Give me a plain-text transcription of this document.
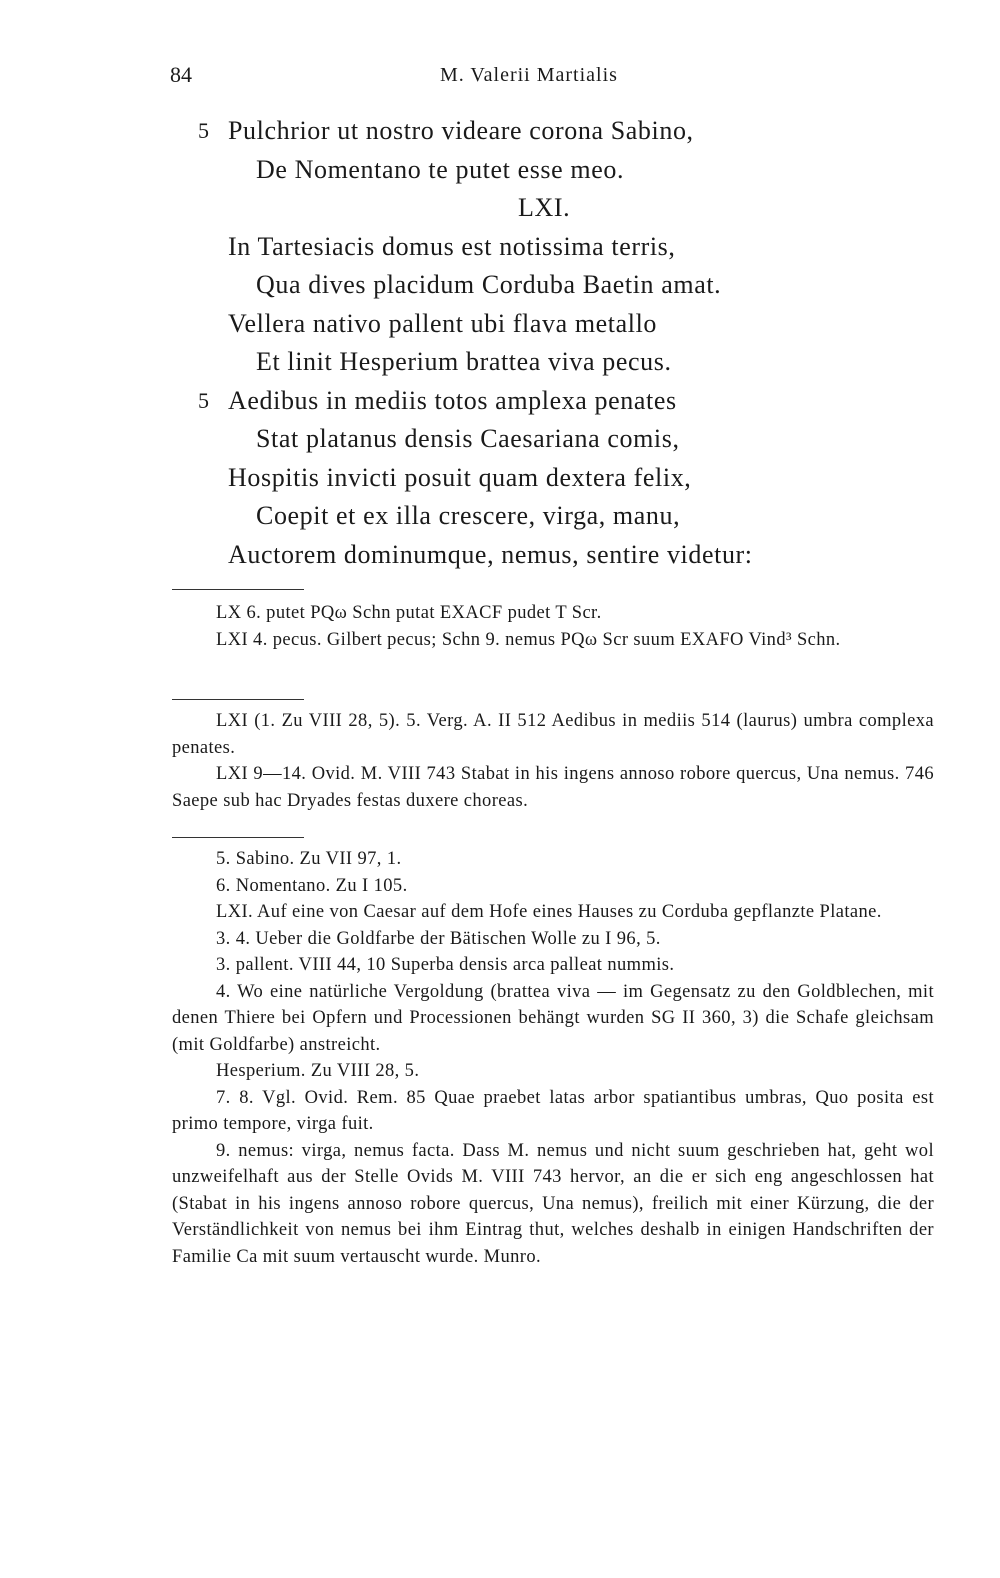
84	M. Valerii Martialis
5 Pulchrior ut nostro videare corona Sabino,
De Nomentano te putet esse meo.
LXI.
In Tartesiacis domus est notissima terris,
Qua dives placidum Corduba Baetin amat.
Vellera nativo pallent ubi flava metallo
Et linit Hesperium brattea viva pecus.
5 Aedibus in mediis totos amplexa penates
Stat platanus densis Caesariana comis,
Hospitis invicti posuit quam dextera felix,
Coepit et ex illa crescere, virga, manu,
Auctorem dominumque, nemus, sentire videtur:

LX 6. putet PQω Schn putat EXACF pudet T Scr.

LXI 4. pecus. Gilbert pecus; Schn 9. nemus PQω Scr suum EXAFO Vind³ Schn.

LXI (1. Zu VIII 28, 5). 5. Verg. A. II 512 Aedibus in mediis 514 (laurus) umbra complexa penates.

LXI 9—14. Ovid. M. VIII 743 Stabat in his ingens annoso robore quercus, Una nemus. 746 Saepe sub hac Dryades festas duxere choreas.

5. Sabino. Zu VII 97, 1.

6. Nomentano. Zu I 105.

LXI. Auf eine von Caesar auf dem Hofe eines Hauses zu Corduba gepflanzte Platane.

3. 4. Ueber die Goldfarbe der Bätischen Wolle zu I 96, 5.

3. pallent. VIII 44, 10 Superba densis arca palleat nummis.

4. Wo eine natürliche Vergoldung (brattea viva — im Gegensatz zu den Goldblechen, mit denen Thiere bei Opfern und Processionen behängt wurden SG II 360, 3) die Schafe gleichsam (mit Goldfarbe) anstreicht.

Hesperium. Zu VIII 28, 5.

7. 8. Vgl. Ovid. Rem. 85 Quae praebet latas arbor spatiantibus umbras, Quo posita est primo tempore, virga fuit.

9. nemus: virga, nemus facta. Dass M. nemus und nicht suum geschrieben hat, geht wol unzweifelhaft aus der Stelle Ovids M. VIII 743 hervor, an die er sich eng angeschlossen hat (Stabat in his ingens annoso robore quercus, Una nemus), freilich mit einer Kürzung, die der Verständlichkeit von nemus bei ihm Eintrag thut, welches deshalb in einigen Handschriften der Familie Ca mit suum vertauscht wurde. Munro.
